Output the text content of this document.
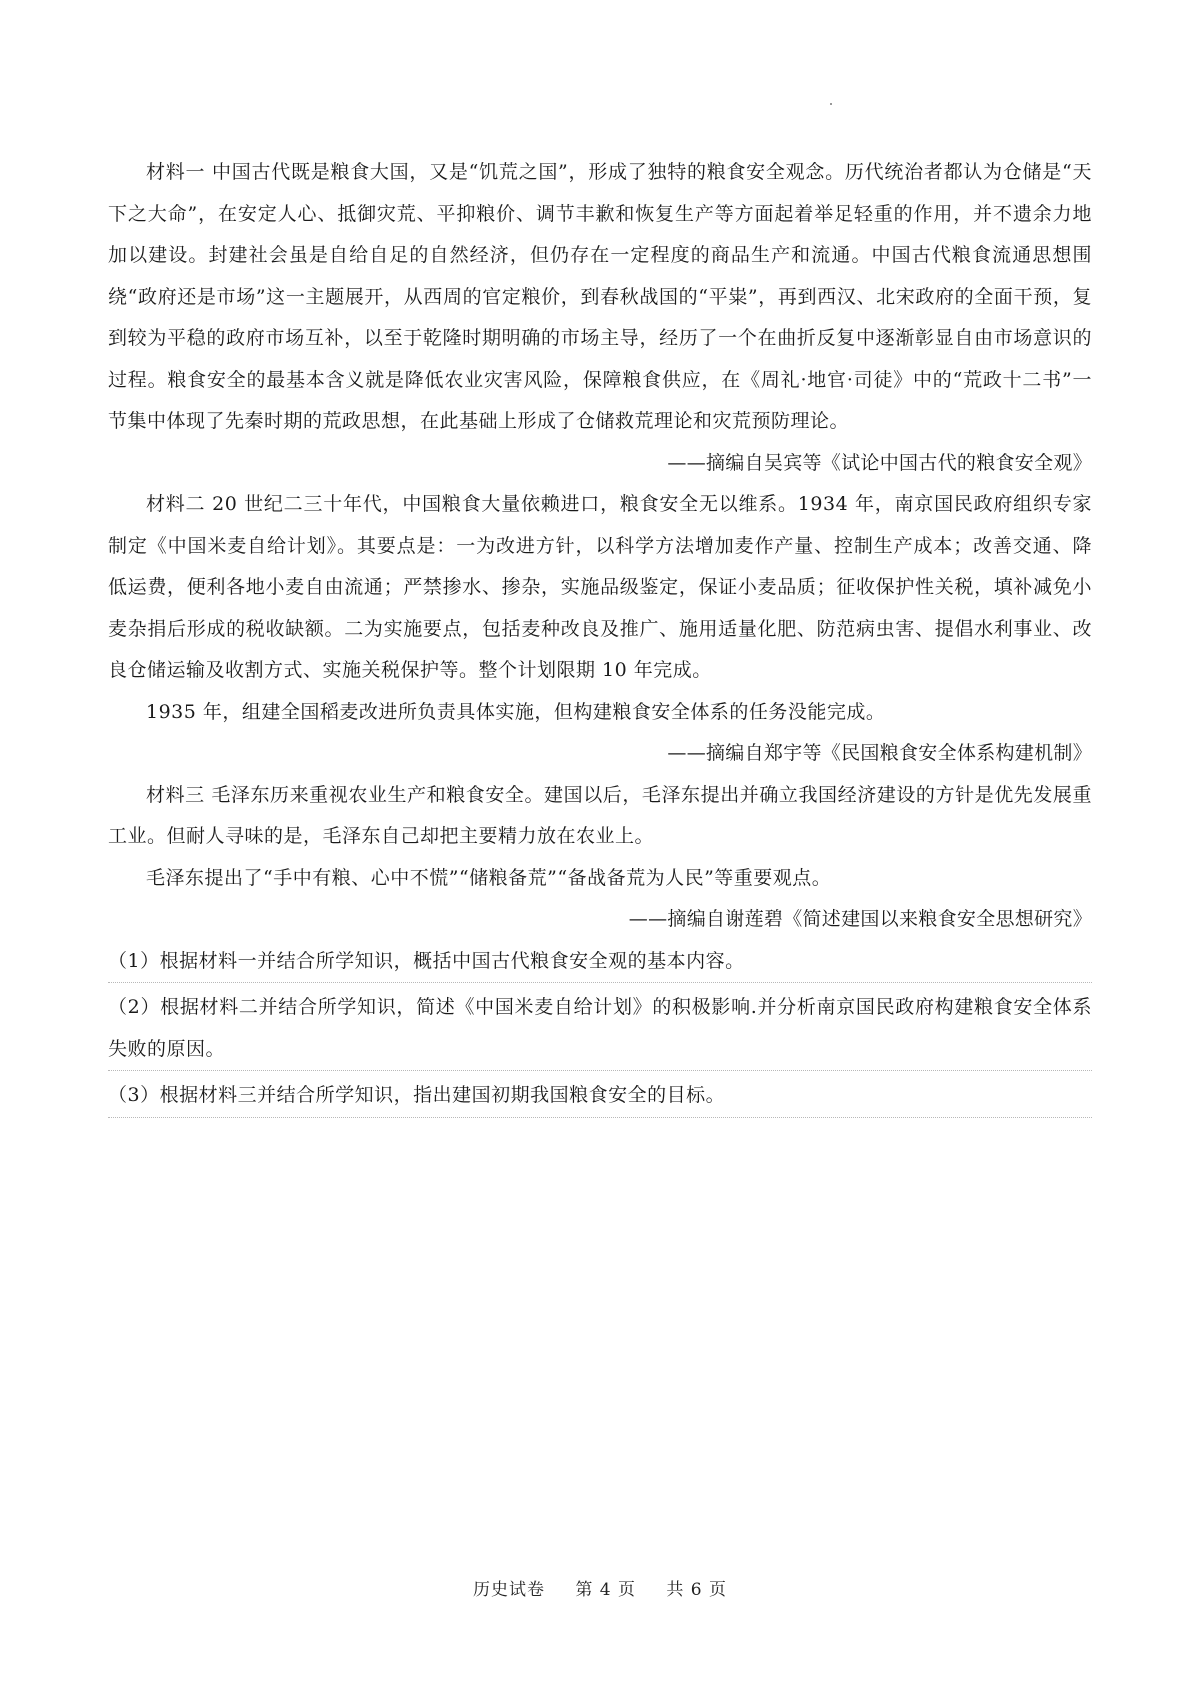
材料一 中国古代既是粮食大国，又是“饥荒之国”，形成了独特的粮食安全观念。历代统治者都认为仓储是“天下之大命”，在安定人心、抵御灾荒、平抑粮价、调节丰歉和恢复生产等方面起着举足轻重的作用，并不遗余力地加以建设。封建社会虽是自给自足的自然经济，但仍存在一定程度的商品生产和流通。中国古代粮食流通思想围绕“政府还是市场”这一主题展开，从西周的官定粮价，到春秋战国的“平粜”，再到西汉、北宋政府的全面干预，复到较为平稳的政府市场互补，以至于乾隆时期明确的市场主导，经历了一个在曲折反复中逐渐彰显自由市场意识的过程。粮食安全的最基本含义就是降低农业灾害风险，保障粮食供应，在《周礼·地官·司徒》中的“荒政十二书”一节集中体现了先秦时期的荒政思想，在此基础上形成了仓储救荒理论和灾荒预防理论。

——摘编自吴宾等《试论中国古代的粮食安全观》

材料二 20 世纪二三十年代，中国粮食大量依赖进口，粮食安全无以维系。1934 年，南京国民政府组织专家制定《中国米麦自给计划》。其要点是：一为改进方针，以科学方法增加麦作产量、控制生产成本；改善交通、降低运费，便利各地小麦自由流通；严禁掺水、掺杂，实施品级鉴定，保证小麦品质；征收保护性关税，填补减免小麦杂捐后形成的税收缺额。二为实施要点，包括麦种改良及推广、施用适量化肥、防范病虫害、提倡水利事业、改良仓储运输及收割方式、实施关税保护等。整个计划限期 10 年完成。

1935 年，组建全国稻麦改进所负责具体实施，但构建粮食安全体系的任务没能完成。

——摘编自郑宇等《民国粮食安全体系构建机制》

材料三 毛泽东历来重视农业生产和粮食安全。建国以后，毛泽东提出并确立我国经济建设的方针是优先发展重工业。但耐人寻味的是，毛泽东自己却把主要精力放在农业上。

毛泽东提出了“手中有粮、心中不慌”“储粮备荒”“备战备荒为人民”等重要观点。

——摘编自谢莲碧《简述建国以来粮食安全思想研究》

（1）根据材料一并结合所学知识，概括中国古代粮食安全观的基本内容。

（2）根据材料二并结合所学知识，简述《中国米麦自给计划》的积极影响.并分析南京国民政府构建粮食安全体系失败的原因。

（3）根据材料三并结合所学知识，指出建国初期我国粮食安全的目标。

历史试卷 第 4 页 共 6 页
